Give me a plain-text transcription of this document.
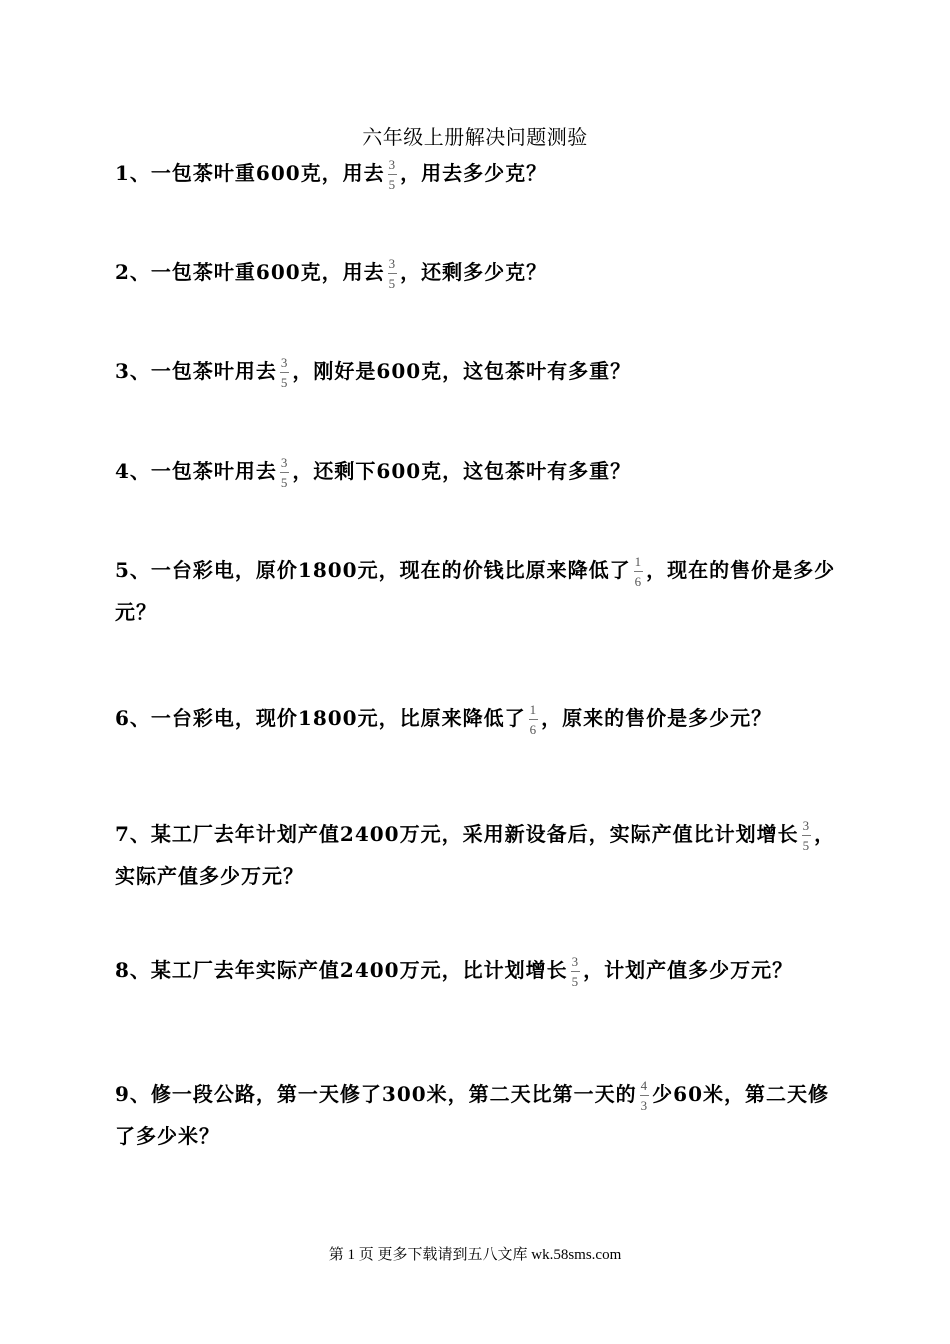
六年级上册解决问题测验
1、一包茶叶重600克，用去 $\frac{3}{5}$ ，用去多少克？
2、一包茶叶重600克，用去 $\frac{3}{5}$ ，还剩多少克？
3、一包茶叶用去 $\frac{3}{5}$ ，刚好是600克，这包茶叶有多重？
4、一包茶叶用去 $\frac{3}{5}$ ，还剩下600克，这包茶叶有多重？
5、一台彩电，原价1800元，现在的价钱比原来降低了 $\frac{1}{6}$ ，现在的售价是多少元？
6、一台彩电，现价1800元，比原来降低了 $\frac{1}{6}$ ，原来的售价是多少元？
7、某工厂去年计划产值2400万元，采用新设备后，实际产值比计划增长 $\frac{3}{5}$ ，实际产值多少万元？
8、某工厂去年实际产值2400万元，比计划增长 $\frac{3}{5}$ ，计划产值多少万元？
9、修一段公路，第一天修了300米，第二天比第一天的 $\frac{4}{3}$ 少60米，第二天修了多少米？
第 1 页 更多下载请到五八文库 wk.58sms.com
